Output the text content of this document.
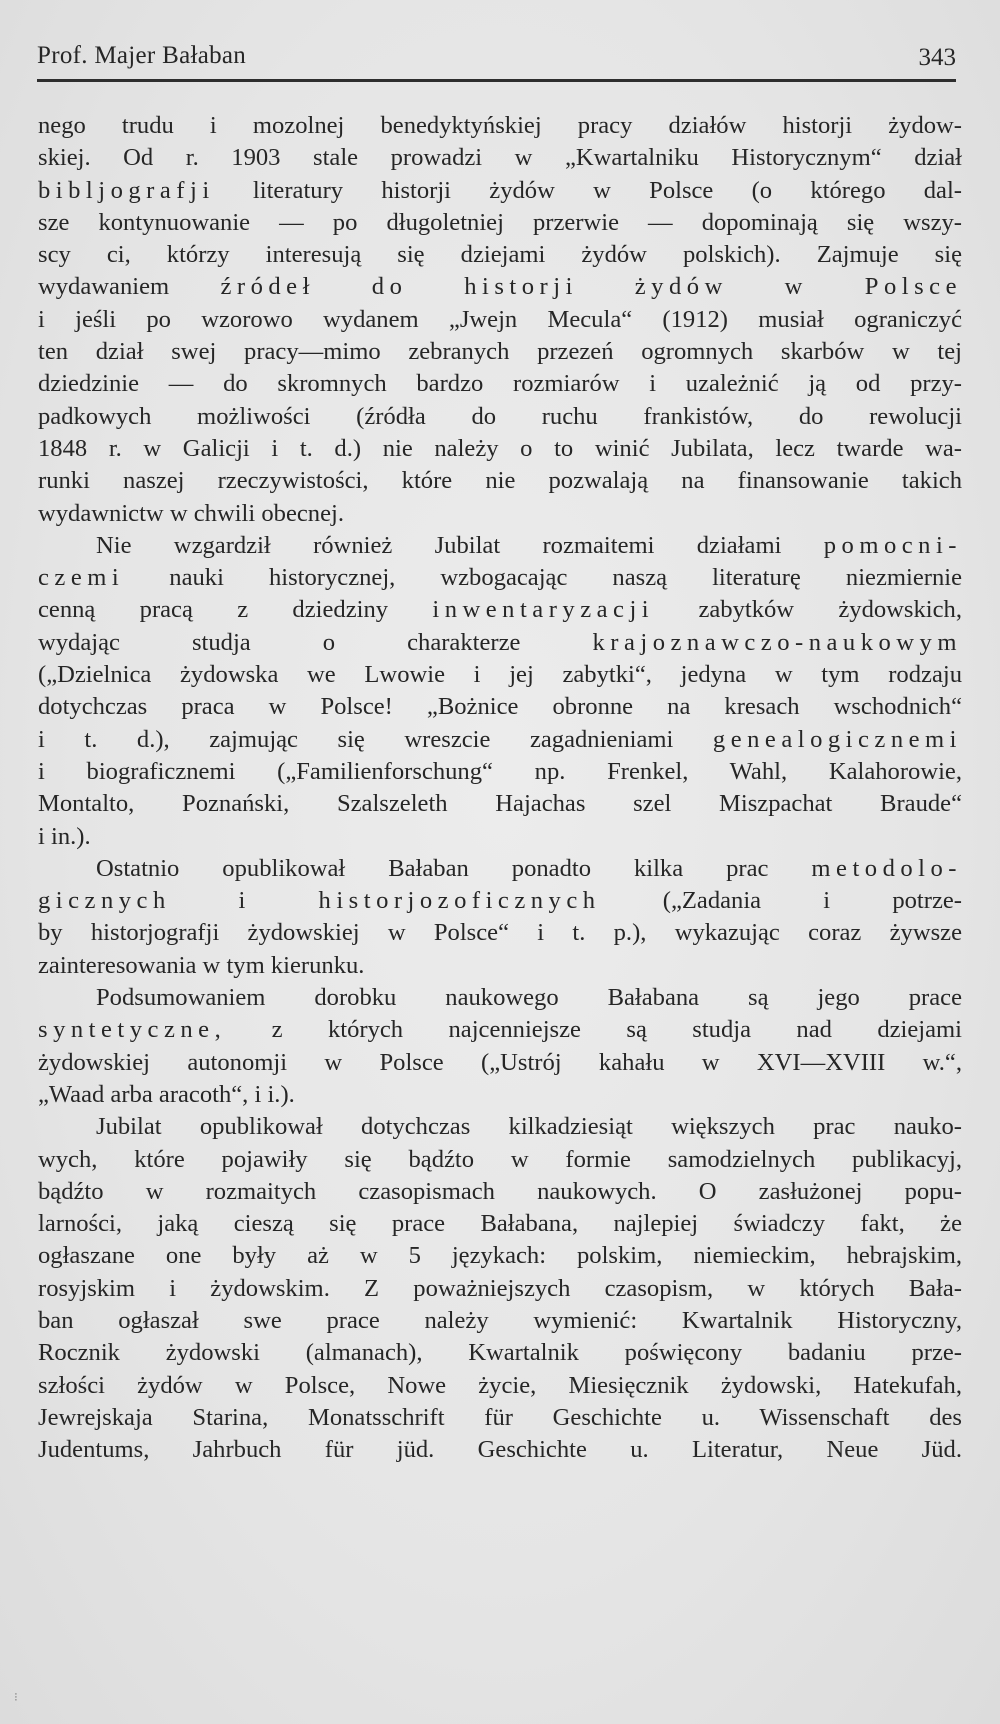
Prof. Majer Bałaban	343
nego trudu i mozolnej benedyktyńskiej pracy działów historji żydow-
skiej. Od r. 1903 stale prowadzi w „Kwartalniku Historycznym“ dział
bibljografji literatury historji żydów w Polsce (o którego dal-
sze kontynuowanie — po długoletniej przerwie — dopominają się wszy-
scy ci, którzy interesują się dziejami żydów polskich). Zajmuje się
wydawaniem źródeł do historji żydów w Polsce
i jeśli po wzorowo wydanem „Jwejn Mecula“ (1912) musiał ograniczyć
ten dział swej pracy—mimo zebranych przezeń ogromnych skarbów w tej
dziedzinie — do skromnych bardzo rozmiarów i uzależnić ją od przy-
padkowych możliwości (źródła do ruchu frankistów, do rewolucji
1848 r. w Galicji i t. d.) nie należy o to winić Jubilata, lecz twarde wa-
runki naszej rzeczywistości, które nie pozwalają na finansowanie takich
wydawnictw w chwili obecnej.
Nie wzgardził również Jubilat rozmaitemi działami pomocni-
czemi nauki historycznej, wzbogacając naszą literaturę niezmiernie
cenną pracą z dziedziny inwentaryzacji zabytków żydowskich,
wydając studja o charakterze krajoznawczo-naukowym
(„Dzielnica żydowska we Lwowie i jej zabytki“, jedyna w tym rodzaju
dotychczas praca w Polsce! „Bożnice obronne na kresach wschodnich“
i t. d.), zajmując się wreszcie zagadnieniami genealogicznemi
i biograficznemi („Familienforschung“ np. Frenkel, Wahl, Kalahorowie,
Montalto, Poznański, Szalszeleth Hajachas szel Miszpachat Braude“
i in.).
Ostatnio opublikował Bałaban ponadto kilka prac metodolo-
gicznych i historjozoficznych („Zadania i potrze-
by historjografji żydowskiej w Polsce“ i t. p.), wykazując coraz żywsze
zainteresowania w tym kierunku.
Podsumowaniem dorobku naukowego Bałabana są jego prace
syntetyczne, z których najcenniejsze są studja nad dziejami
żydowskiej autonomji w Polsce („Ustrój kahału w XVI—XVIII w.“,
„Waad arba aracoth“, i i.).
Jubilat opublikował dotychczas kilkadziesiąt większych prac nauko-
wych, które pojawiły się bądźto w formie samodzielnych publikacyj,
bądźto w rozmaitych czasopismach naukowych. O zasłużonej popu-
larności, jaką cieszą się prace Bałabana, najlepiej świadczy fakt, że
ogłaszane one były aż w 5 językach: polskim, niemieckim, hebrajskim,
rosyjskim i żydowskim. Z poważniejszych czasopism, w których Bała-
ban ogłaszał swe prace należy wymienić: Kwartalnik Historyczny,
Rocznik żydowski (almanach), Kwartalnik poświęcony badaniu prze-
szłości żydów w Polsce, Nowe życie, Miesięcznik żydowski, Hatekufah,
Jewrejskaja Starina, Monatsschrift für Geschichte u. Wissenschaft des
Judentums, Jahrbuch für jüd. Geschichte u. Literatur, Neue Jüd.
⁝
